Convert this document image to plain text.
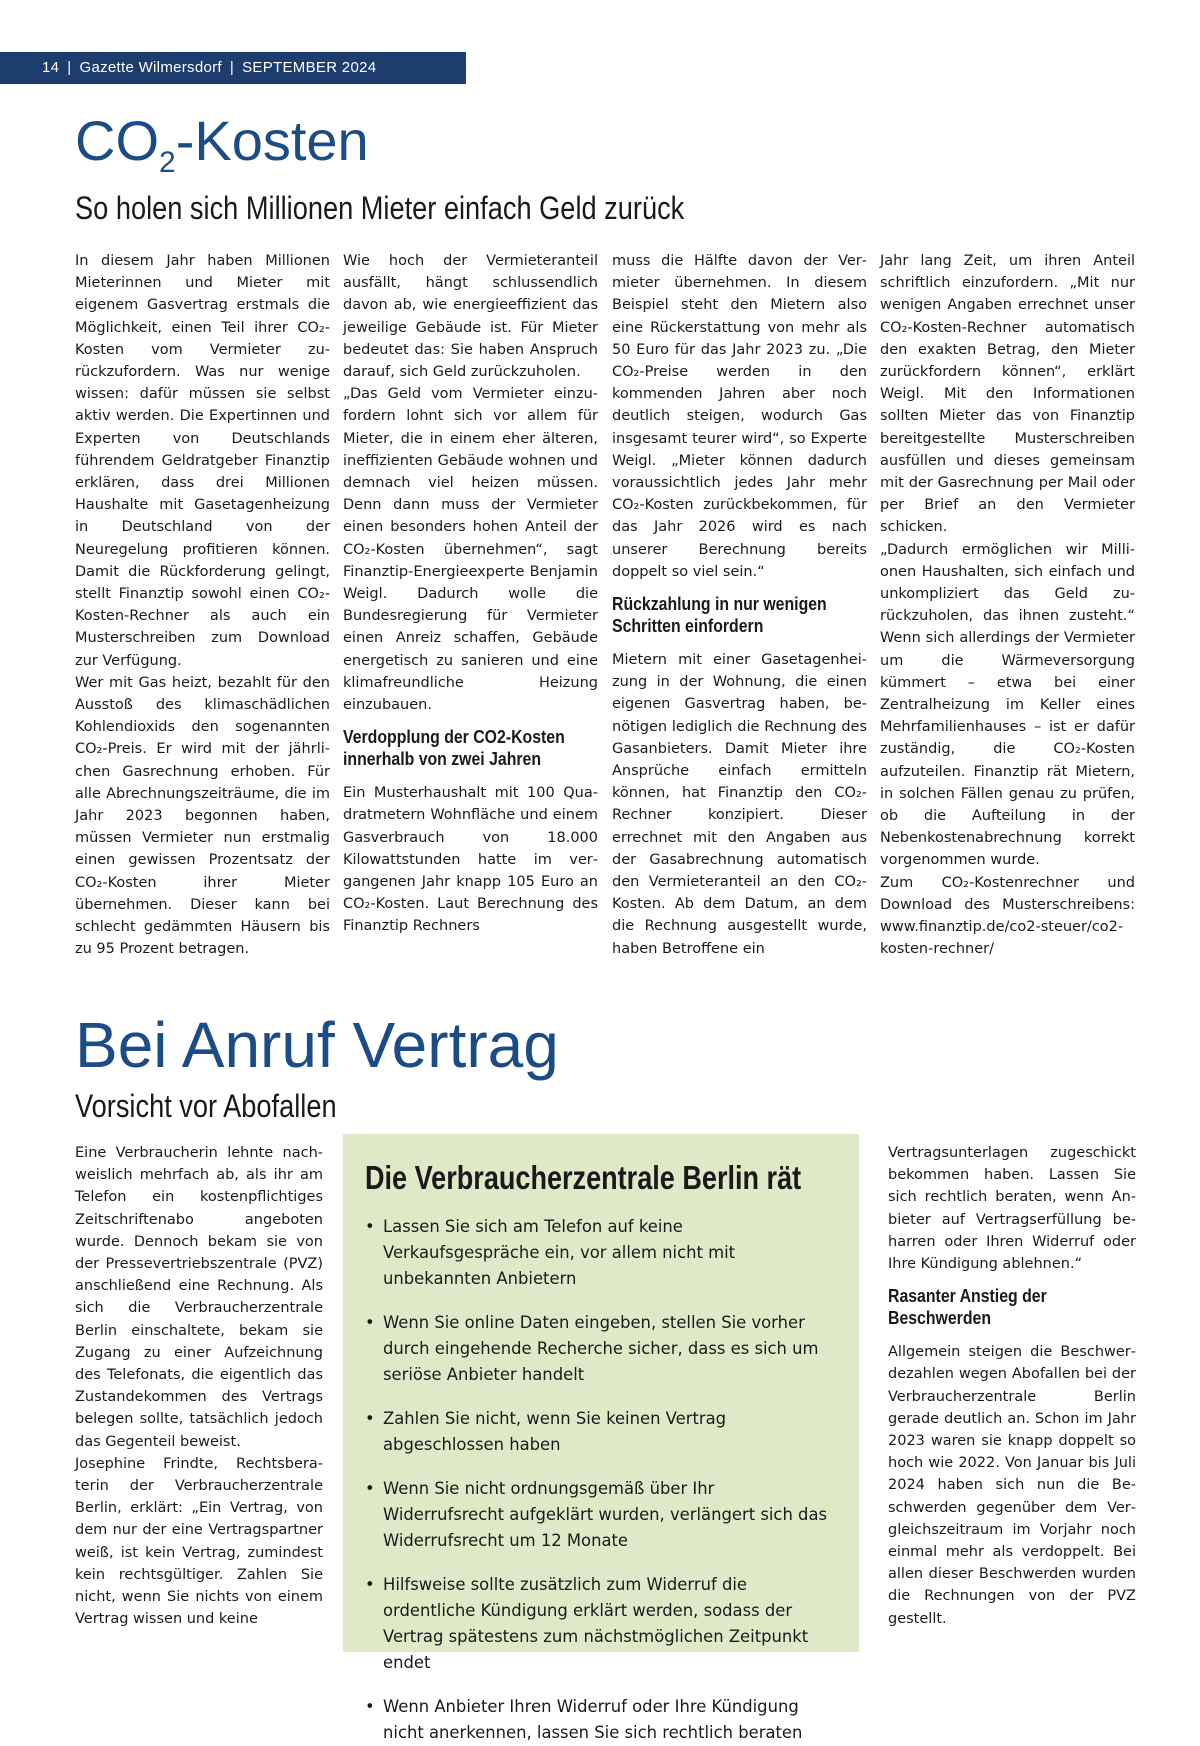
14 | Gazette Wilmersdorf | SEPTEMBER 2024
$CO_2$-Kosten
So holen sich Millionen Mieter einfach Geld zurück

In diesem Jahr haben Millionen Mieterinnen und Mieter mit eigenem Gasvertrag erstmals die Möglichkeit, einen Teil ihrer CO₂-Kosten vom Vermieter zurückzufordern. Was nur wenige wissen: dafür müssen sie selbst aktiv werden. Die Expertinnen und Experten von Deutschlands führendem Geldratgeber Finanztip erklären, dass drei Millionen Haushalte mit Gasetagenheizung in Deutschland von der Neuregelung profitieren können. Damit die Rückforderung gelingt, stellt Finanztip sowohl einen CO₂-Kosten-Rechner als auch ein Musterschreiben zum Download zur Verfügung.

Wer mit Gas heizt, bezahlt für den Ausstoß des klimaschädlichen Kohlendioxids den sogenannten CO₂-Preis. Er wird mit der jährlichen Gasrechnung erhoben. Für alle Abrechnungszeiträume, die im Jahr 2023 begonnen haben, müssen Vermieter nun erstmalig einen gewissen Prozentsatz der CO₂-Kosten ihrer Mieter übernehmen. Dieser kann bei schlecht gedämmten Häusern bis zu 95 Prozent betragen.

Wie hoch der Vermieteranteil ausfällt, hängt schlussendlich davon ab, wie energieeffizient das jeweilige Gebäude ist. Für Mieter bedeutet das: Sie haben Anspruch darauf, sich Geld zurückzuholen.

„Das Geld vom Vermieter einzufordern lohnt sich vor allem für Mieter, die in einem eher älteren, ineffizienten Gebäude wohnen und demnach viel heizen müssen. Denn dann muss der Vermieter einen besonders hohen Anteil der CO₂-Kosten übernehmen“, sagt Finanztip-Energieexperte Benjamin Weigl. Dadurch wolle die Bundesregierung für Vermieter einen Anreiz schaffen, Gebäude energetisch zu sanieren und eine klimafreundliche Heizung einzubauen.

Verdopplung der CO2-Kosten innerhalb von zwei Jahren

Ein Musterhaushalt mit 100 Quadratmetern Wohnfläche und einem Gasverbrauch von 18.000 Kilowattstunden hatte im vergangenen Jahr knapp 105 Euro an CO₂-Kosten. Laut Berechnung des Finanztip Rechners

muss die Hälfte davon der Vermieter übernehmen. In diesem Beispiel steht den Mietern also eine Rückerstattung von mehr als 50 Euro für das Jahr 2023 zu. „Die CO₂-Preise werden in den kommenden Jahren aber noch deutlich steigen, wodurch Gas insgesamt teurer wird“, so Experte Weigl. „Mieter können dadurch voraussichtlich jedes Jahr mehr CO₂-Kosten zurückbekommen, für das Jahr 2026 wird es nach unserer Berechnung bereits doppelt so viel sein.“

Rückzahlung in nur wenigen Schritten einfordern

Mietern mit einer Gasetagenheizung in der Wohnung, die einen eigenen Gasvertrag haben, benötigen lediglich die Rechnung des Gasanbieters. Damit Mieter ihre Ansprüche einfach ermitteln können, hat Finanztip den CO₂-Rechner konzipiert. Dieser errechnet mit den Angaben aus der Gasabrechnung automatisch den Vermieteranteil an den CO₂-Kosten. Ab dem Datum, an dem die Rechnung ausgestellt wurde, haben Betroffene ein

Jahr lang Zeit, um ihren Anteil schriftlich einzufordern. „Mit nur wenigen Angaben errechnet unser CO₂-Kosten-Rechner automatisch den exakten Betrag, den Mieter zurückfordern können“, erklärt Weigl. Mit den Informationen sollten Mieter das von Finanztip bereitgestellte Musterschreiben ausfüllen und dieses gemeinsam mit der Gasrechnung per Mail oder per Brief an den Vermieter schicken.

„Dadurch ermöglichen wir Millionen Haushalten, sich einfach und unkompliziert das Geld zurückzuholen, das ihnen zusteht.“ Wenn sich allerdings der Vermieter um die Wärmeversorgung kümmert – etwa bei einer Zentralheizung im Keller eines Mehrfamilienhauses – ist er dafür zuständig, die CO₂-Kosten aufzuteilen. Finanztip rät Mietern, in solchen Fällen genau zu prüfen, ob die Aufteilung in der Nebenkostenabrechnung korrekt vorgenommen wurde.

Zum CO₂-Kostenrechner und Download des Musterschreibens: www.finanztip.de/co2-steuer/co2-kosten-rechner/

Bei Anruf Vertrag
Vorsicht vor Abofallen

Eine Verbraucherin lehnte nachweislich mehrfach ab, als ihr am Telefon ein kostenpflichtiges Zeitschriftenabo angeboten wurde. Dennoch bekam sie von der Pressevertriebszentrale (PVZ) anschließend eine Rechnung. Als sich die Verbraucherzentrale Berlin einschaltete, bekam sie Zugang zu einer Aufzeichnung des Telefonats, die eigentlich das Zustandekommen des Vertrags belegen sollte, tatsächlich jedoch das Gegenteil beweist.

Josephine Frindte, Rechtsberaterin der Verbraucherzentrale Berlin, erklärt: „Ein Vertrag, von dem nur der eine Vertragspartner weiß, ist kein Vertrag, zumindest kein rechtsgültiger. Zahlen Sie nicht, wenn Sie nichts von einem Vertrag wissen und keine

Die Verbraucherzentrale Berlin rät
• Lassen Sie sich am Telefon auf keine Verkaufsgespräche ein, vor allem nicht mit unbekannten Anbietern
• Wenn Sie online Daten eingeben, stellen Sie vorher durch eingehende Recherche sicher, dass es sich um seriöse Anbieter handelt
• Zahlen Sie nicht, wenn Sie keinen Vertrag abgeschlossen haben
• Wenn Sie nicht ordnungsgemäß über Ihr Widerrufsrecht aufgeklärt wurden, verlängert sich das Widerrufsrecht um 12 Monate
• Hilfsweise sollte zusätzlich zum Widerruf die ordentliche Kündigung erklärt werden, sodass der Vertrag spätestens zum nächstmöglichen Zeitpunkt endet
• Wenn Anbieter Ihren Widerruf oder Ihre Kündigung nicht anerkennen, lassen Sie sich rechtlich beraten

Vertragsunterlagen zugeschickt bekommen haben. Lassen Sie sich rechtlich beraten, wenn Anbieter auf Vertragserfüllung beharren oder Ihren Widerruf oder Ihre Kündigung ablehnen.“

Rasanter Anstieg der Beschwerden

Allgemein steigen die Beschwerdezahlen wegen Abofallen bei der Verbraucherzentrale Berlin gerade deutlich an. Schon im Jahr 2023 waren sie knapp doppelt so hoch wie 2022. Von Januar bis Juli 2024 haben sich nun die Beschwerden gegenüber dem Vergleichszeitraum im Vorjahr noch einmal mehr als verdoppelt. Bei allen dieser Beschwerden wurden die Rechnungen von der PVZ gestellt.
